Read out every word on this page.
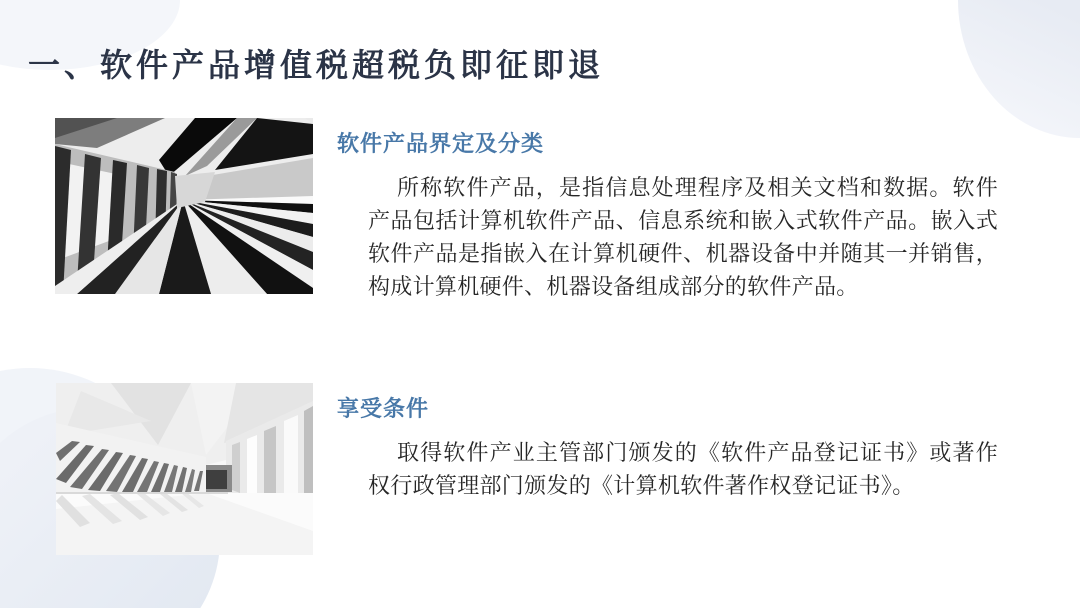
一、软件产品增值税超税负即征即退
软件产品界定及分类

所称软件产品，是指信息处理程序及相关文档和数据。软件产品包括计算机软件产品、信息系统和嵌入式软件产品。嵌入式软件产品是指嵌入在计算机硬件、机器设备中并随其一并销售，构成计算机硬件、机器设备组成部分的软件产品。

享受条件

取得软件产业主管部门颁发的《软件产品登记证书》或著作权行政管理部门颁发的《计算机软件著作权登记证书》。
